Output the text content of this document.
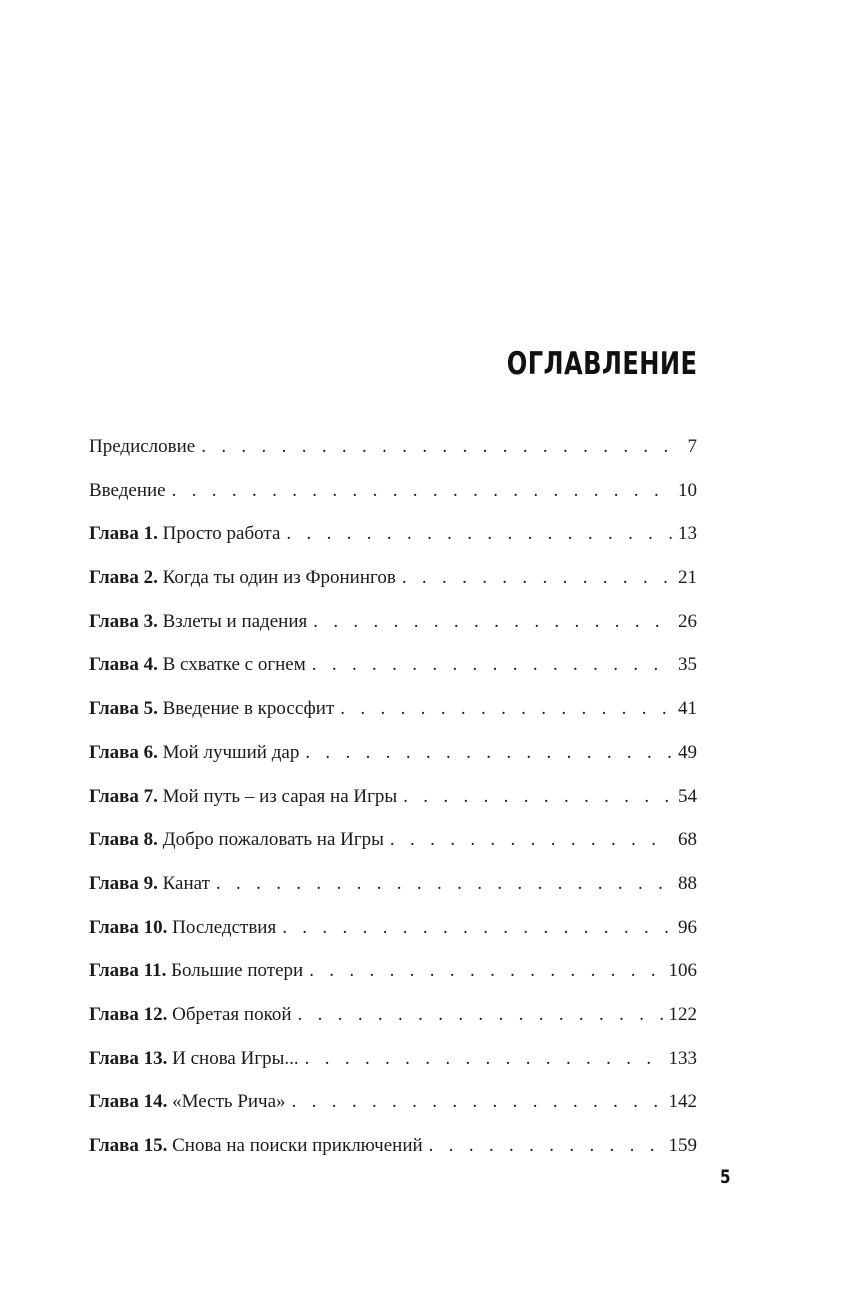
ОГЛАВЛЕНИЕ
Предисловие . . .	7
Введение . . .	10
Глава 1. Просто работа . . .	13
Глава 2. Когда ты один из Фронингов . . .	21
Глава 3. Взлеты и падения . . .	26
Глава 4. В схватке с огнем . . .	35
Глава 5. Введение в кроссфит . . .	41
Глава 6. Мой лучший дар . . .	49
Глава 7. Мой путь – из сарая на Игры . . .	54
Глава 8. Добро пожаловать на Игры . . .	68
Глава 9. Канат . . .	88
Глава 10. Последствия . . .	96
Глава 11. Большие потери . . .	106
Глава 12. Обретая покой . . .	122
Глава 13. И снова Игры... . . .	133
Глава 14. «Месть Рича» . . .	142
Глава 15. Снова на поиски приключений . . .	159
5
